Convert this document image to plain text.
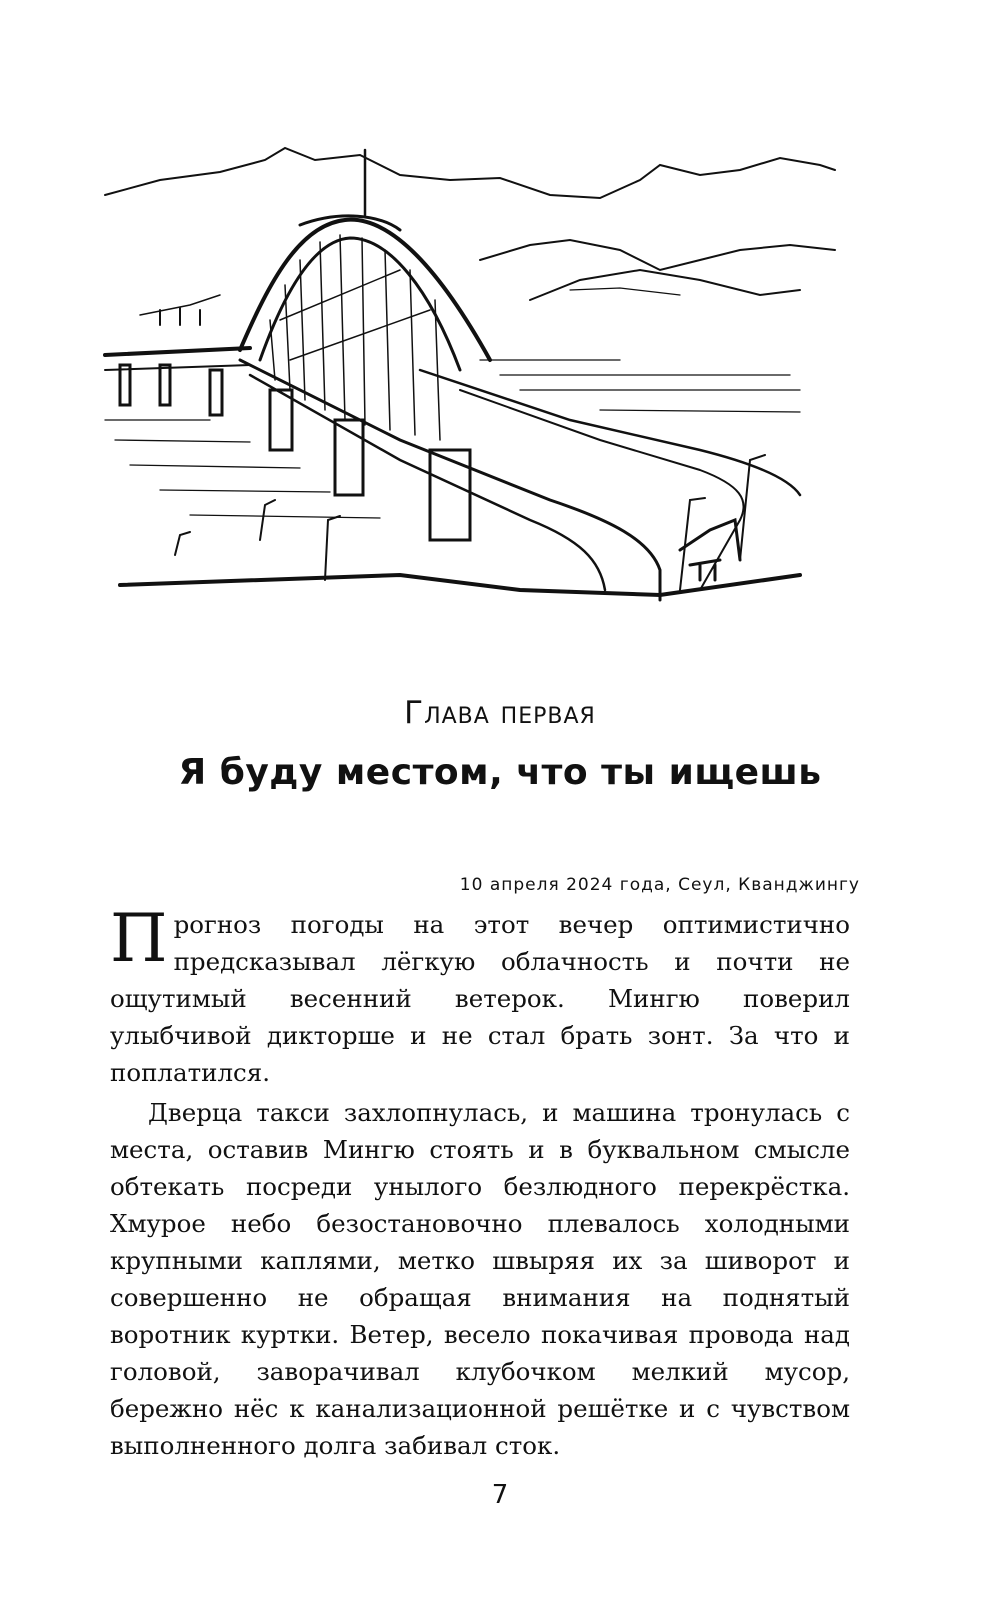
Глава первая
Я буду местом, что ты ищешь
10 апреля 2024 года, Сеул, Кванджингу

Прогноз погоды на этот вечер оптимистично предсказывал лёгкую облачность и почти не ощутимый весенний ветерок. Мингю поверил улыбчивой дикторше и не стал брать зонт. За что и поплатился.

Дверца такси захлопнулась, и машина тронулась с места, оставив Мингю стоять и в буквальном смысле обтекать посреди унылого безлюдного перекрёстка. Хмурое небо безостановочно плевалось холодными крупными каплями, метко швыряя их за шиворот и совершенно не обращая внимания на поднятый воротник куртки. Ветер, весело покачивая провода над головой, заворачивал клубочком мелкий мусор, бережно нёс к канализационной решётке и с чувством выполненного долга забивал сток.

7
